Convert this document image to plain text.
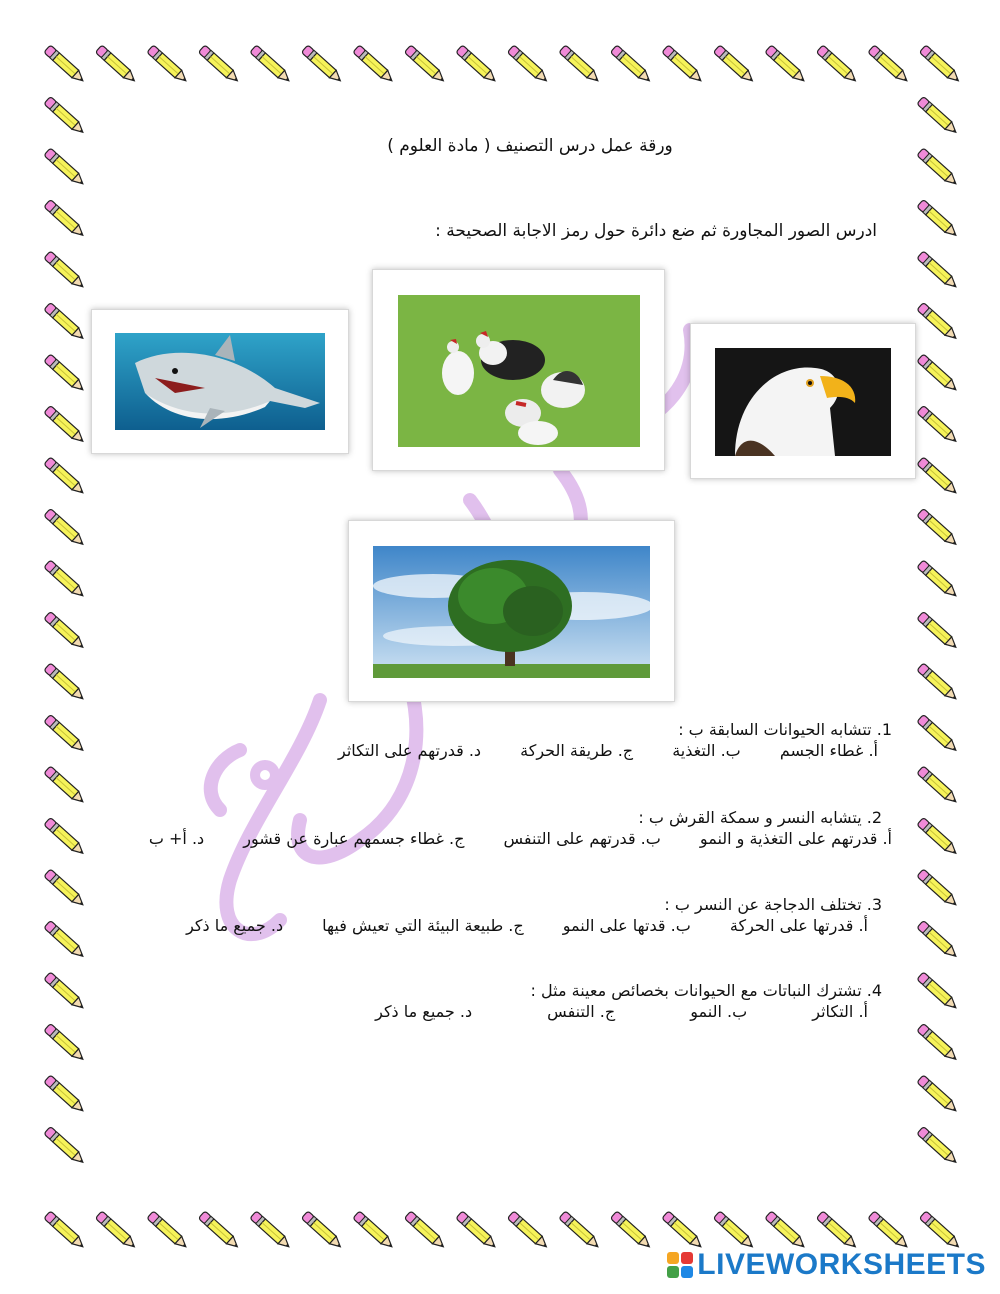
ورقة عمل درس التصنيف ( مادة العلوم )
ادرس الصور المجاورة ثم ضع دائرة حول رمز الاجابة الصحيحة :
1. تتشابه الحيوانات السابقة ب :
أ. غطاء الجسم ب. التغذية ج. طريقة الحركة د. قدرتهم على التكاثر
2. يتشابه النسر و سمكة القرش ب :
أ. قدرتهم على التغذية و النمو ب. قدرتهم على التنفس ج. غطاء جسمهم عبارة عن قشور د. أ+ ب
3. تختلف الدجاجة عن النسر ب :
أ. قدرتها على الحركة ب. قدتها على النمو ج. طبيعة البيئة التي تعيش فيها د. جميع ما ذكر
4. تشترك النباتات مع الحيوانات بخصائص معينة مثل :
أ. التكاثر ب. النمو ج. التنفس د. جميع ما ذكر
LIVEWORKSHEETS
